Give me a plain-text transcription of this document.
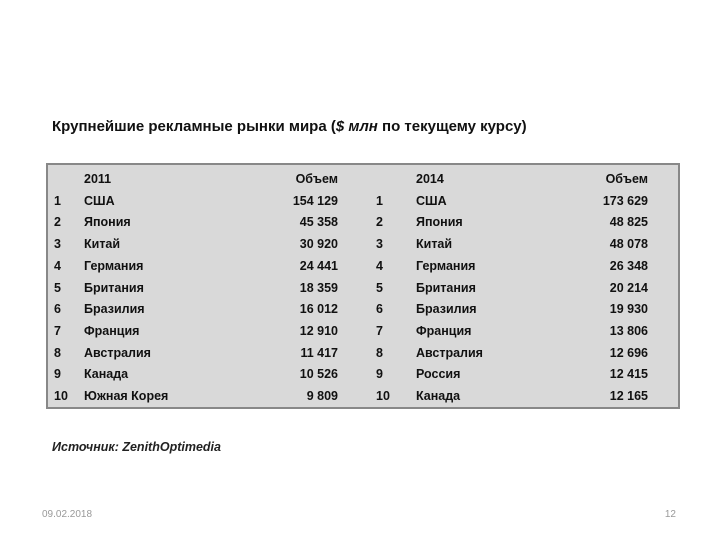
Крупнейшие рекламные рынки мира ($ млн по текущему курсу)
2011	Объем	2014	Объем
1 США	154 129	1	США	173 629
2 Япония	45 358	2	Япония	48 825
3 Китай	30 920	3	Китай	48 078
4 Германия	24 441	4	Германия	26 348
5 Британия	18 359	5	Британия	20 214
6 Бразилия	16 012	6	Бразилия	19 930
7 Франция	12 910	7	Франция	13 806
8 Австралия	11 417	8	Австралия	12 696
9 Канада	10 526	9	Россия	12 415
10 Южная Корея	9 809	10 Канада	12 165
Источник: ZenithOptimedia
09.02.2018	12
